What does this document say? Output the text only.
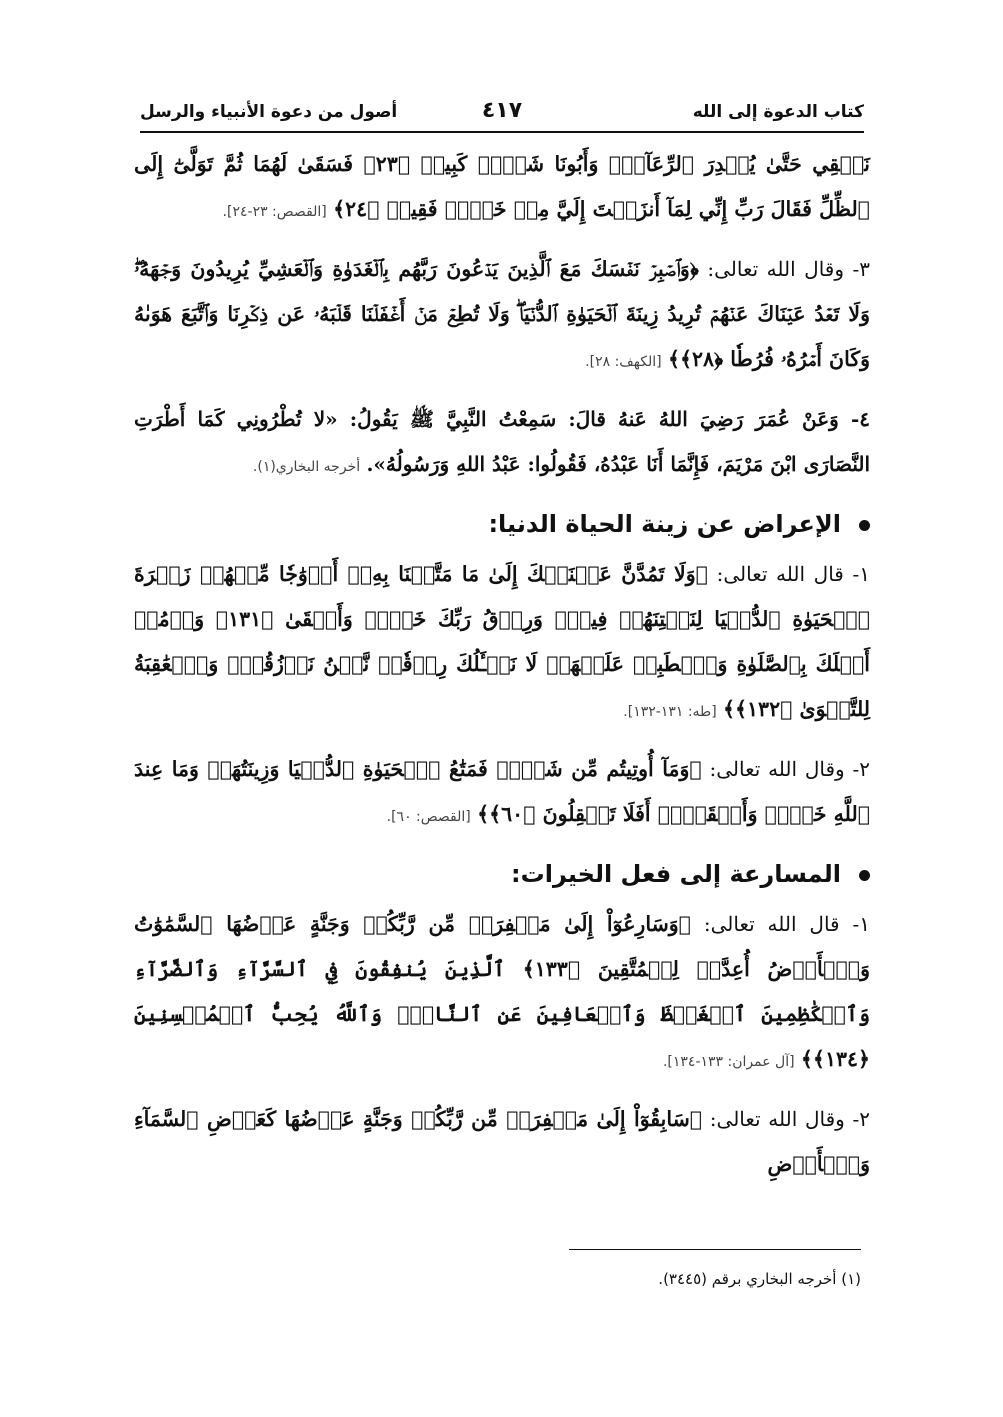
كتاب الدعوة إلى الله
٤١٧
أصول من دعوة الأنبياء والرسل

نَسۡقِي حَتَّىٰ يُصۡدِرَ ٱلرِّعَآءُۖ وَأَبُونَا شَيۡخٞ كَبِيرٞ ﴿٢٣﴾ فَسَقَىٰ لَهُمَا ثُمَّ تَوَلَّىٰٓ إِلَى ٱلظِّلِّ فَقَالَ رَبِّ إِنِّي لِمَآ أَنزَلۡتَ إِلَيَّ مِنۡ خَيۡرٖ فَقِيرٞ ﴿٢٤﴾ [القصص: ٢٣-٢٤].

٣- وقال الله تعالى: ﴿وَٱصۡبِرۡ نَفۡسَكَ مَعَ ٱلَّذِينَ يَدۡعُونَ رَبَّهُم بِٱلۡغَدَوٰةِ وَٱلۡعَشِيِّ يُرِيدُونَ وَجۡهَهُۥۖ وَلَا تَعۡدُ عَيۡنَاكَ عَنۡهُمۡ تُرِيدُ زِينَةَ ٱلۡحَيَوٰةِ ٱلدُّنۡيَاۖ وَلَا تُطِعۡ مَنۡ أَغۡفَلۡنَا قَلۡبَهُۥ عَن ذِكۡرِنَا وَٱتَّبَعَ هَوَىٰهُ وَكَانَ أَمۡرُهُۥ فُرُطٗا ﴿٢٨﴾﴾ [الكهف: ٢٨].

٤- وَعَنْ عُمَرَ رَضِيَ اللهُ عَنهُ قالَ: سَمِعْتُ النَّبِيَّ ﷺ يَقُولُ: «لا تُطْرُونِي كَمَا أَطْرَتِ النَّصَارَى ابْنَ مَرْيَمَ، فَإِنَّمَا أَنَا عَبْدُهُ، فَقُولُوا: عَبْدُ اللهِ وَرَسُولُهُ». أخرجه البخاري(١).

الإعراض عن زينة الحياة الدنيا:

١- قال الله تعالى: ﴿وَلَا تَمُدَّنَّ عَيۡنَيۡكَ إِلَىٰ مَا مَتَّعۡنَا بِهِۦٓ أَزۡوَٰجٗا مِّنۡهُمۡ زَهۡرَةَ ٱلۡحَيَوٰةِ ٱلدُّنۡيَا لِنَفۡتِنَهُمۡ فِيهِۚ وَرِزۡقُ رَبِّكَ خَيۡرٞ وَأَبۡقَىٰ ﴿١٣١﴾ وَأۡمُرۡ أَهۡلَكَ بِٱلصَّلَوٰةِ وَٱصۡطَبِرۡ عَلَيۡهَاۖ لَا نَسۡـَٔلُكَ رِزۡقٗاۖ نَّحۡنُ نَرۡزُقُكَۗ وَٱلۡعَٰقِبَةُ لِلتَّقۡوَىٰ ﴿١٣٢﴾﴾ [طه: ١٣١-١٣٢].

٢- وقال الله تعالى: ﴿وَمَآ أُوتِيتُم مِّن شَيۡءٖ فَمَتَٰعُ ٱلۡحَيَوٰةِ ٱلدُّنۡيَا وَزِينَتُهَاۚ وَمَا عِندَ ٱللَّهِ خَيۡرٞ وَأَبۡقَىٰٓۚ أَفَلَا تَعۡقِلُونَ ﴿٦٠﴾﴾ [القصص: ٦٠].

المسارعة إلى فعل الخيرات:

١- قال الله تعالى: ﴿وَسَارِعُوٓاْ إِلَىٰ مَغۡفِرَةٖ مِّن رَّبِّكُمۡ وَجَنَّةٍ عَرۡضُهَا ٱلسَّمَٰوَٰتُ وَٱلۡأَرۡضُ أُعِدَّتۡ لِلۡمُتَّقِينَ ﴿١٣٣﴾ ٱلَّذِينَ يُنفِقُونَ فِي ٱلسَّرَّآءِ وَٱلضَّرَّآءِ وَٱلۡكَٰظِمِينَ ٱلۡغَيۡظَ وَٱلۡعَافِينَ عَنِ ٱلنَّاسِۗ وَٱللَّهُ يُحِبُّ ٱلۡمُحۡسِنِينَ ﴿١٣٤﴾﴾ [آل عمران: ١٣٣-١٣٤].

٢- وقال الله تعالى: ﴿سَابِقُوٓاْ إِلَىٰ مَغۡفِرَةٖ مِّن رَّبِّكُمۡ وَجَنَّةٍ عَرۡضُهَا كَعَرۡضِ ٱلسَّمَآءِ وَٱلۡأَرۡضِ

(١) أخرجه البخاري برقم (٣٤٤٥).
